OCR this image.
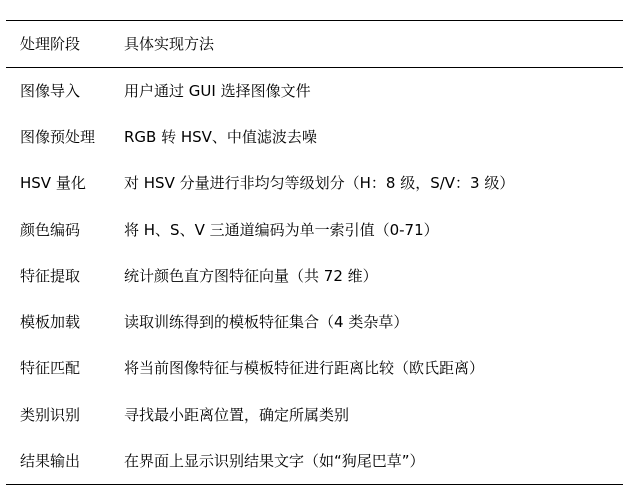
处理阶段	具体实现方法
图像导入	用户通过 GUI 选择图像文件
图像预处理	RGB 转 HSV、中值滤波去噪
HSV 量化	对 HSV 分量进行非均匀等级划分（H：8 级，S/V：3 级）
颜色编码	将 H、S、V 三通道编码为单一索引值（0-71）
特征提取	统计颜色直方图特征向量（共 72 维）
模板加载	读取训练得到的模板特征集合（4 类杂草）
特征匹配	将当前图像特征与模板特征进行距离比较（欧氏距离）
类别识别	寻找最小距离位置，确定所属类别
结果输出	在界面上显示识别结果文字（如“狗尾巴草”）
